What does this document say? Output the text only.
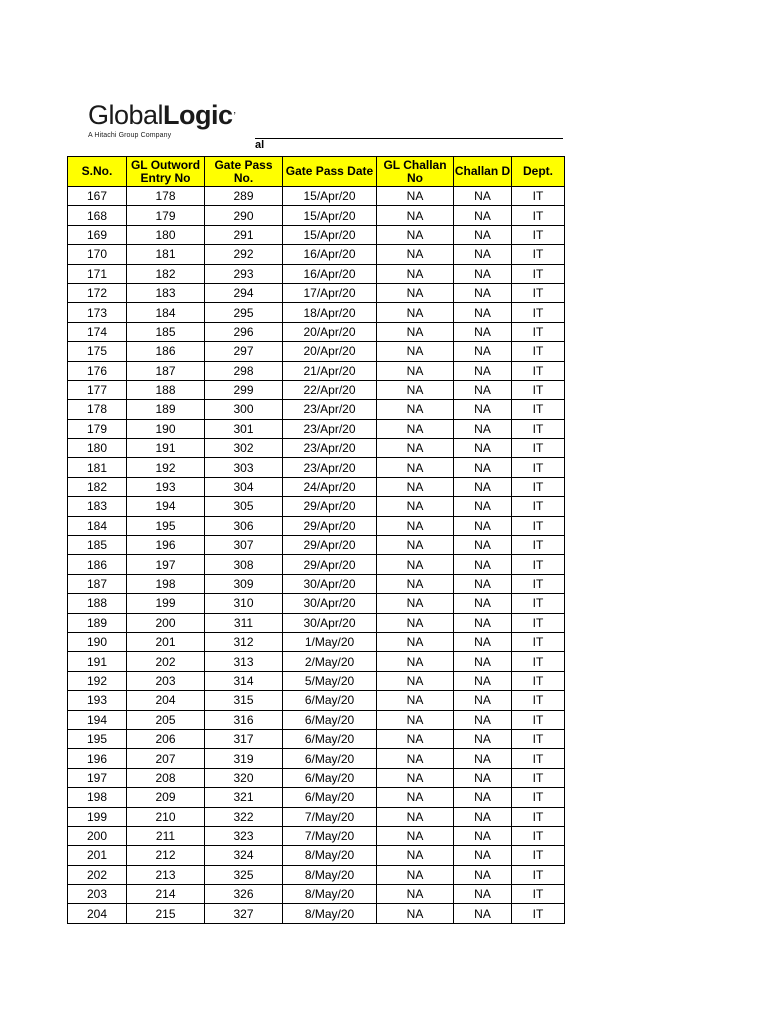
GlobalLogic$^ʼ$
A Hitachi Group Company
al
S.No.	GL Outword Entry No	Gate Pass No.	Gate Pass Date	GL Challan No	Challan D	Dept.
167	178	289	15/Apr/20	NA	NA	IT
168	179	290	15/Apr/20	NA	NA	IT
169	180	291	15/Apr/20	NA	NA	IT
170	181	292	16/Apr/20	NA	NA	IT
171	182	293	16/Apr/20	NA	NA	IT
172	183	294	17/Apr/20	NA	NA	IT
173	184	295	18/Apr/20	NA	NA	IT
174	185	296	20/Apr/20	NA	NA	IT
175	186	297	20/Apr/20	NA	NA	IT
176	187	298	21/Apr/20	NA	NA	IT
177	188	299	22/Apr/20	NA	NA	IT
178	189	300	23/Apr/20	NA	NA	IT
179	190	301	23/Apr/20	NA	NA	IT
180	191	302	23/Apr/20	NA	NA	IT
181	192	303	23/Apr/20	NA	NA	IT
182	193	304	24/Apr/20	NA	NA	IT
183	194	305	29/Apr/20	NA	NA	IT
184	195	306	29/Apr/20	NA	NA	IT
185	196	307	29/Apr/20	NA	NA	IT
186	197	308	29/Apr/20	NA	NA	IT
187	198	309	30/Apr/20	NA	NA	IT
188	199	310	30/Apr/20	NA	NA	IT
189	200	311	30/Apr/20	NA	NA	IT
190	201	312	1/May/20	NA	NA	IT
191	202	313	2/May/20	NA	NA	IT
192	203	314	5/May/20	NA	NA	IT
193	204	315	6/May/20	NA	NA	IT
194	205	316	6/May/20	NA	NA	IT
195	206	317	6/May/20	NA	NA	IT
196	207	319	6/May/20	NA	NA	IT
197	208	320	6/May/20	NA	NA	IT
198	209	321	6/May/20	NA	NA	IT
199	210	322	7/May/20	NA	NA	IT
200	211	323	7/May/20	NA	NA	IT
201	212	324	8/May/20	NA	NA	IT
202	213	325	8/May/20	NA	NA	IT
203	214	326	8/May/20	NA	NA	IT
204	215	327	8/May/20	NA	NA	IT
